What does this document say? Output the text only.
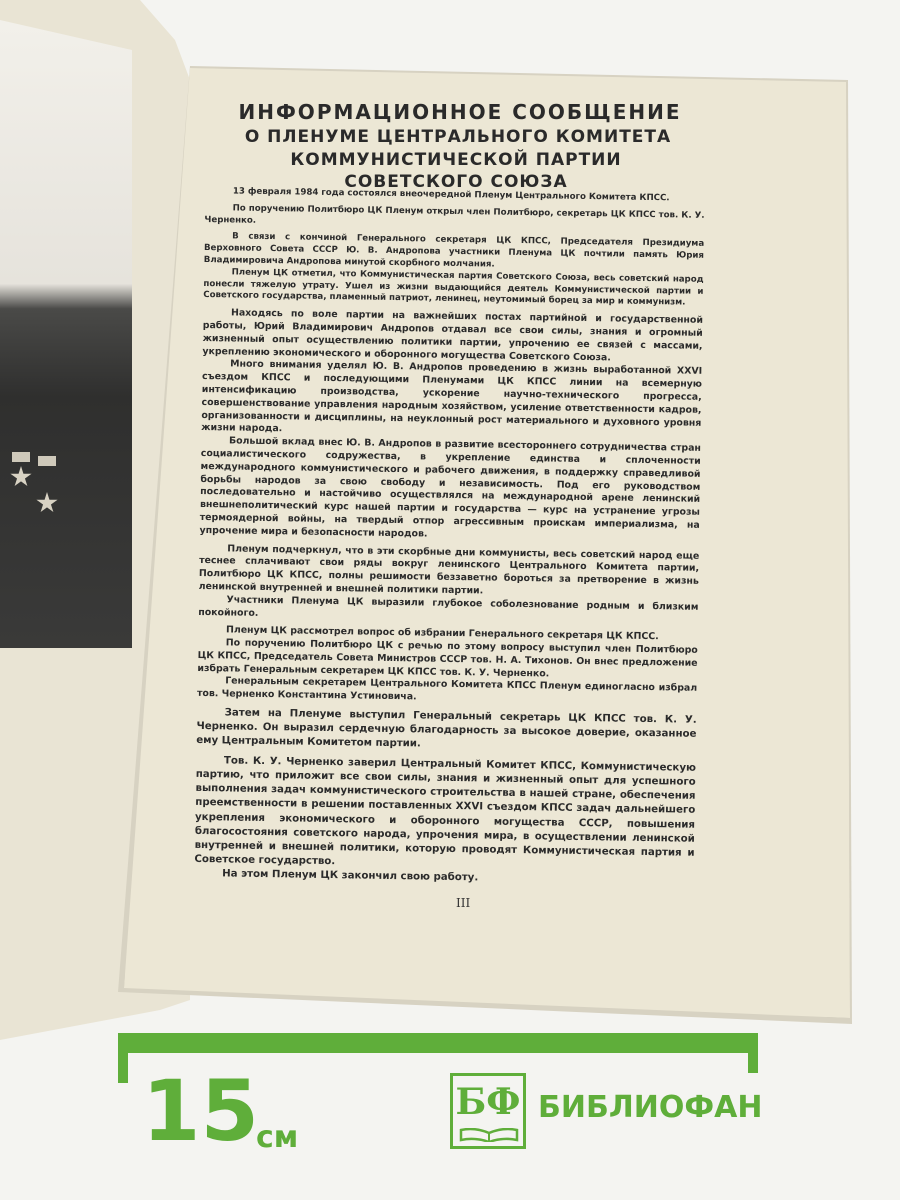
ИНФОРМАЦИОННОЕ СООБЩЕНИЕ
О ПЛЕНУМЕ ЦЕНТРАЛЬНОГО КОМИТЕТА
КОММУНИСТИЧЕСКОЙ ПАРТИИ
СОВЕТСКОГО СОЮЗА

13 февраля 1984 года состоялся внеочередной Пленум Центрального Комитета КПСС.

По поручению Политбюро ЦК Пленум открыл член Политбюро, секретарь ЦК КПСС тов. К. У. Черненко.

В связи с кончиной Генерального секретаря ЦК КПСС, Председателя Президиума Верховного Совета СССР Ю. В. Андропова участники Пленума ЦК почтили память Юрия Владимировича Андропова минутой скорбного молчания.

Пленум ЦК отметил, что Коммунистическая партия Советского Союза, весь советский народ понесли тяжелую утрату. Ушел из жизни выдающийся деятель Коммунистической партии и Советского государства, пламенный патриот, ленинец, неутомимый борец за мир и коммунизм.

Находясь по воле партии на важнейших постах партийной и государственной работы, Юрий Владимирович Андропов отдавал все свои силы, знания и огромный жизненный опыт осуществлению политики партии, упрочению ее связей с массами, укреплению экономического и оборонного могущества Советского Союза.

Много внимания уделял Ю. В. Андропов проведению в жизнь выработанной XXVI съездом КПСС и последующими Пленумами ЦК КПСС линии на всемерную интенсификацию производства, ускорение научно-технического прогресса, совершенствование управления народным хозяйством, усиление ответственности кадров, организованности и дисциплины, на неуклонный рост материального и духовного уровня жизни народа.

Большой вклад внес Ю. В. Андропов в развитие всестороннего сотрудничества стран социалистического содружества, в укрепление единства и сплоченности международного коммунистического и рабочего движения, в поддержку справедливой борьбы народов за свою свободу и независимость. Под его руководством последовательно и настойчиво осуществлялся на международной арене ленинский внешнеполитический курс нашей партии и государства — курс на устранение угрозы термоядерной войны, на твердый отпор агрессивным проискам империализма, на упрочение мира и безопасности народов.

Пленум подчеркнул, что в эти скорбные дни коммунисты, весь советский народ еще теснее сплачивают свои ряды вокруг ленинского Центрального Комитета партии, Политбюро ЦК КПСС, полны решимости беззаветно бороться за претворение в жизнь ленинской внутренней и внешней политики партии.

Участники Пленума ЦК выразили глубокое соболезнование родным и близким покойного.

Пленум ЦК рассмотрел вопрос об избрании Генерального секретаря ЦК КПСС.

По поручению Политбюро ЦК с речью по этому вопросу выступил член Политбюро ЦК КПСС, Председатель Совета Министров СССР тов. Н. А. Тихонов. Он внес предложение избрать Генеральным секретарем ЦК КПСС тов. К. У. Черненко.

Генеральным секретарем Центрального Комитета КПСС Пленум единогласно избрал тов. Черненко Константина Устиновича.

Затем на Пленуме выступил Генеральный секретарь ЦК КПСС тов. К. У. Черненко. Он выразил сердечную благодарность за высокое доверие, оказанное ему Центральным Комитетом партии.

Тов. К. У. Черненко заверил Центральный Комитет КПСС, Коммунистическую партию, что приложит все свои силы, знания и жизненный опыт для успешного выполнения задач коммунистического строительства в нашей стране, обеспечения преемственности в решении поставленных XXVI съездом КПСС задач дальнейшего укрепления экономического и оборонного могущества СССР, повышения благосостояния советского народа, упрочения мира, в осуществлении ленинской внутренней и внешней политики, которую проводят Коммунистическая партия и Советское государство.

На этом Пленум ЦК закончил свою работу.

III
15
см
БФ БИБЛИОФАН
